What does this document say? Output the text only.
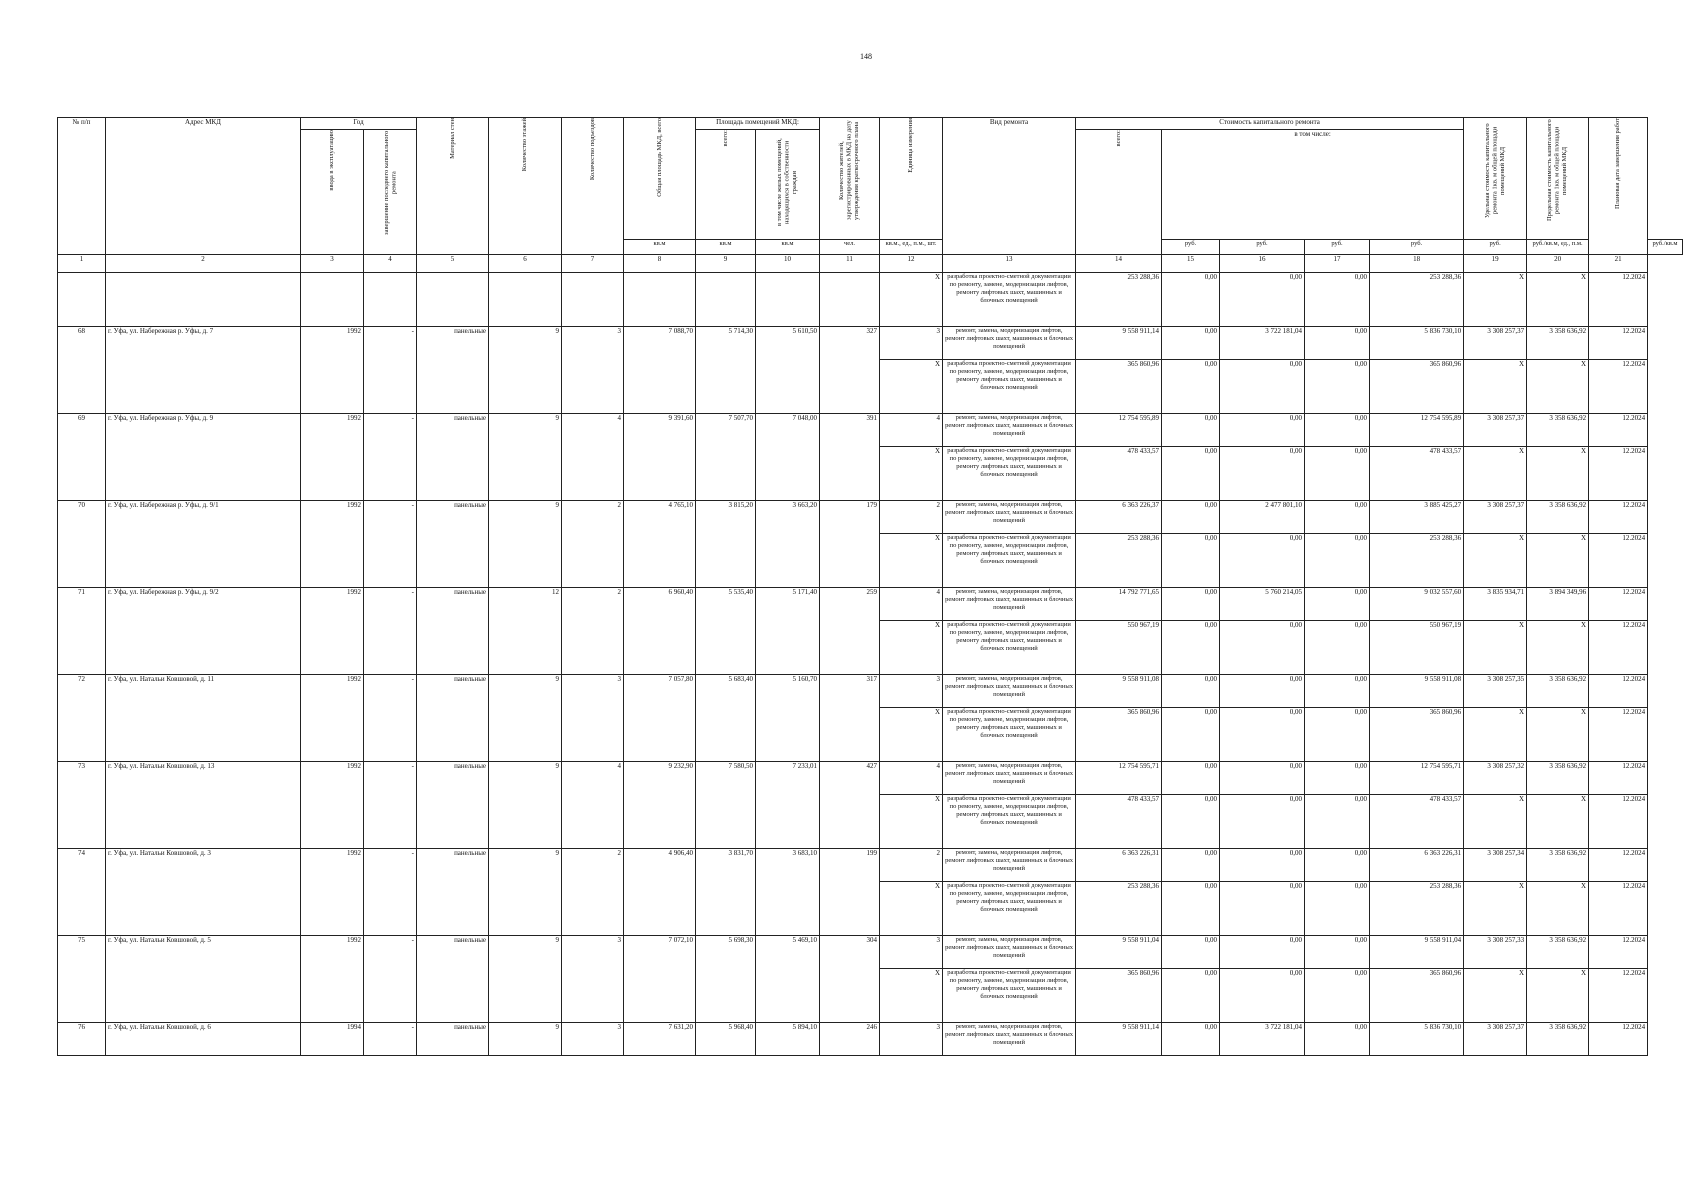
148
№ п/п	Адрес МКД	Год		Материал стен	Количество этажей	Количество подъездов	Общая площадь МКД, всего	Площадь помещений МКД:		Количество жителей, зарегистрированных в МКД на дату утверждения краткосрочного плана	Единица измерения	Вид ремонта	Стоимость капитального ремонта					Удельная стоимость капитального ремонта 1кв. м общей площади помещений МКД	Предельная стоимость капитального ремонта 1кв. м общей площади помещений МКД	Плановая дата завершения работ	
		ввода в эксплуатацию	завершение последнего капитального ремонта					всего:	в том числе жилых помещений, находящихся в собственности граждан				всего:	в том числе:							
							кв.м	кв.м	кв.м	чел.	кв.м., ед., п.м., шт.			руб.	руб.	руб.	руб.	руб.	руб./кв.м, ед., п.м.		руб./кв.м
1	2	3	4	5	6	7	8	9	10	11	12	13	14	15	16	17	18	19	20	21	
											X	разработка проектно-сметной документации по ремонту, замене, модернизации лифтов, ремонту лифтовых шахт, машинных и блочных помещений	253 288,36	0,00	0,00	0,00	253 288,36	X	X	12.2024	
68	г. Уфа, ул. Набережная р. Уфы, д. 7	1992	-	панельные	9	3	7 088,70	5 714,30	5 610,50	327	3	ремонт, замена, модернизация лифтов, ремонт лифтовых шахт, машинных и блочных помещений	9 558 911,14	0,00	3 722 181,04	0,00	5 836 730,10	3 308 257,37	3 358 636,92	12.2024	
											X	разработка проектно-сметной документации по ремонту, замене, модернизации лифтов, ремонту лифтовых шахт, машинных и блочных помещений	365 860,96	0,00	0,00	0,00	365 860,96	X	X	12.2024	
69	г. Уфа, ул. Набережная р. Уфы, д. 9	1992	-	панельные	9	4	9 391,60	7 507,70	7 048,00	391	4	ремонт, замена, модернизация лифтов, ремонт лифтовых шахт, машинных и блочных помещений	12 754 595,89	0,00	0,00	0,00	12 754 595,89	3 308 257,37	3 358 636,92	12.2024	
											X	разработка проектно-сметной документации по ремонту, замене, модернизации лифтов, ремонту лифтовых шахт, машинных и блочных помещений	478 433,57	0,00	0,00	0,00	478 433,57	X	X	12.2024	
70	г. Уфа, ул. Набережная р. Уфы, д. 9/1	1992	-	панельные	9	2	4 765,10	3 815,20	3 663,20	179	2	ремонт, замена, модернизация лифтов, ремонт лифтовых шахт, машинных и блочных помещений	6 363 226,37	0,00	2 477 801,10	0,00	3 885 425,27	3 308 257,37	3 358 636,92	12.2024	
											X	разработка проектно-сметной документации по ремонту, замене, модернизации лифтов, ремонту лифтовых шахт, машинных и блочных помещений	253 288,36	0,00	0,00	0,00	253 288,36	X	X	12.2024	
71	г. Уфа, ул. Набережная р. Уфы, д. 9/2	1992	-	панельные	12	2	6 960,40	5 535,40	5 171,40	259	4	ремонт, замена, модернизация лифтов, ремонт лифтовых шахт, машинных и блочных помещений	14 792 771,65	0,00	5 760 214,05	0,00	9 032 557,60	3 835 934,71	3 894 349,96	12.2024	
											X	разработка проектно-сметной документации по ремонту, замене, модернизации лифтов, ремонту лифтовых шахт, машинных и блочных помещений	550 967,19	0,00	0,00	0,00	550 967,19	X	X	12.2024	
72	г. Уфа, ул. Натальи Ковшовой, д. 11	1992	-	панельные	9	3	7 057,80	5 683,40	5 160,70	317	3	ремонт, замена, модернизация лифтов, ремонт лифтовых шахт, машинных и блочных помещений	9 558 911,08	0,00	0,00	0,00	9 558 911,08	3 308 257,35	3 358 636,92	12.2024	
											X	разработка проектно-сметной документации по ремонту, замене, модернизации лифтов, ремонту лифтовых шахт, машинных и блочных помещений	365 860,96	0,00	0,00	0,00	365 860,96	X	X	12.2024	
73	г. Уфа, ул. Натальи Ковшовой, д. 13	1992	-	панельные	9	4	9 232,90	7 580,50	7 233,01	427	4	ремонт, замена, модернизация лифтов, ремонт лифтовых шахт, машинных и блочных помещений	12 754 595,71	0,00	0,00	0,00	12 754 595,71	3 308 257,32	3 358 636,92	12.2024	
											X	разработка проектно-сметной документации по ремонту, замене, модернизации лифтов, ремонту лифтовых шахт, машинных и блочных помещений	478 433,57	0,00	0,00	0,00	478 433,57	X	X	12.2024	
74	г. Уфа, ул. Натальи Ковшовой, д. 3	1992	-	панельные	9	2	4 906,40	3 831,70	3 683,10	199	2	ремонт, замена, модернизация лифтов, ремонт лифтовых шахт, машинных и блочных помещений	6 363 226,31	0,00	0,00	0,00	6 363 226,31	3 308 257,34	3 358 636,92	12.2024	
											X	разработка проектно-сметной документации по ремонту, замене, модернизации лифтов, ремонту лифтовых шахт, машинных и блочных помещений	253 288,36	0,00	0,00	0,00	253 288,36	X	X	12.2024	
75	г. Уфа, ул. Натальи Ковшовой, д. 5	1992	-	панельные	9	3	7 072,10	5 698,30	5 469,10	304	3	ремонт, замена, модернизация лифтов, ремонт лифтовых шахт, машинных и блочных помещений	9 558 911,04	0,00	0,00	0,00	9 558 911,04	3 308 257,33	3 358 636,92	12.2024	
											X	разработка проектно-сметной документации по ремонту, замене, модернизации лифтов, ремонту лифтовых шахт, машинных и блочных помещений	365 860,96	0,00	0,00	0,00	365 860,96	X	X	12.2024	
76	г. Уфа, ул. Натальи Ковшовой, д. 6	1994	-	панельные	9	3	7 631,20	5 968,40	5 894,10	246	3	ремонт, замена, модернизация лифтов, ремонт лифтовых шахт, машинных и блочных помещений	9 558 911,14	0,00	3 722 181,04	0,00	5 836 730,10	3 308 257,37	3 358 636,92	12.2024	
